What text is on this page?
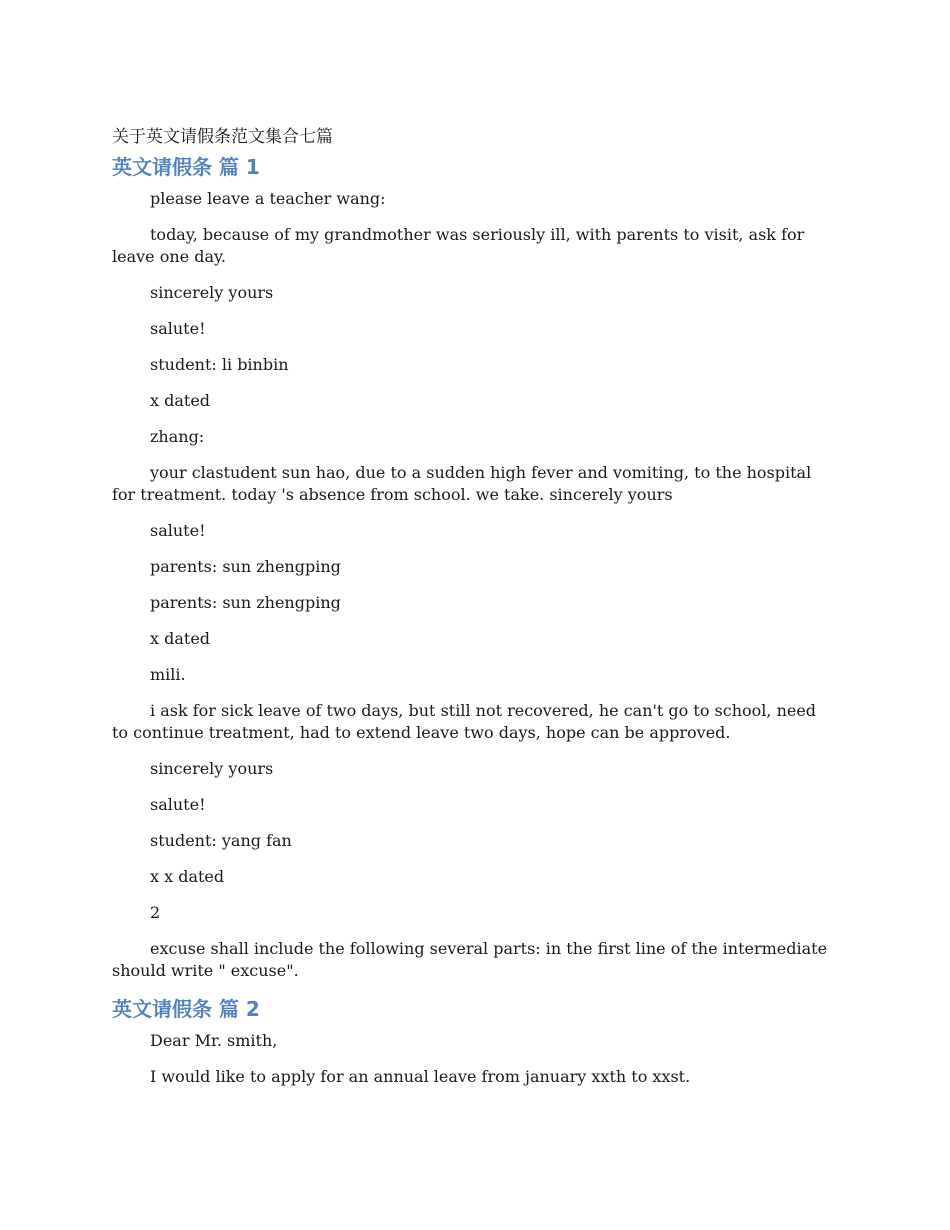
关于英文请假条范文集合七篇
英文请假条 篇 1

please leave a teacher wang:

today, because of my grandmother was seriously ill, with parents to visit, ask for leave one day.

sincerely yours

salute!

student: li binbin

x dated

zhang:

your clastudent sun hao, due to a sudden high fever and vomiting, to the hospital for treatment. today 's absence from school. we take. sincerely yours

salute!

parents: sun zhengping

parents: sun zhengping

x dated

mili.

i ask for sick leave of two days, but still not recovered, he can't go to school, need to continue treatment, had to extend leave two days, hope can be approved.

sincerely yours

salute!

student: yang fan

x x dated

2

excuse shall include the following several parts: in the first line of the intermediate should write " excuse".

英文请假条 篇 2

Dear Mr. smith,

I would like to apply for an annual leave from january xxth to xxst.
